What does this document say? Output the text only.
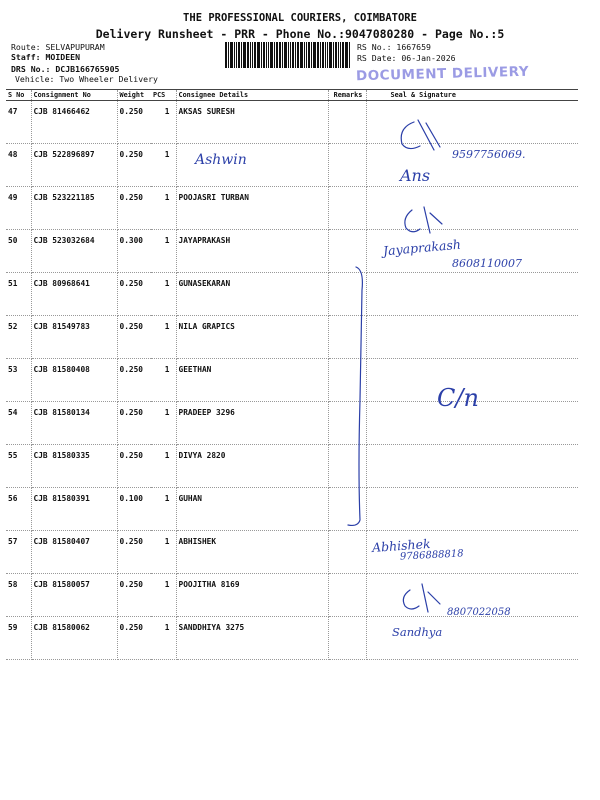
THE PROFESSIONAL COURIERS, COIMBATORE
Delivery Runsheet - PRR - Phone No.:9047080280 - Page No.:5
Route: SELVAPUPURAM
Staff: MOIDEEN
DRS No.: DCJB166765905
Vehicle: Two Wheeler Delivery
RS No.: 1667659
RS Date: 06-Jan-2026
DOCUMENT DELIVERY
S No	Consignment No	Weight	PCS	Consignee Details	Remarks	Seal & Signature
47	CJB 81466462	0.250	1	AKSAS SURESH		
48	CJB 522896897	0.250	1			
49	CJB 523221185	0.250	1	POOJASRI TURBAN		
50	CJB 523032684	0.300	1	JAYAPRAKASH		
51	CJB 80968641	0.250	1	GUNASEKARAN		
52	CJB 81549783	0.250	1	NILA GRAPICS		
53	CJB 81580408	0.250	1	GEETHAN		
54	CJB 81580134	0.250	1	PRADEEP 3296		
55	CJB 81580335	0.250	1	DIVYA 2820		
56	CJB 81580391	0.100	1	GUHAN		
57	CJB 81580407	0.250	1	ABHISHEK		
58	CJB 81580057	0.250	1	POOJITHA 8169		
59	CJB 81580062	0.250	1	SANDDHIYA 3275		
Ashwin	9597756069.
Ans
Jayaprakash
8608110007
C/n
Abhishek
9786888818
8807022058
Sandhya
